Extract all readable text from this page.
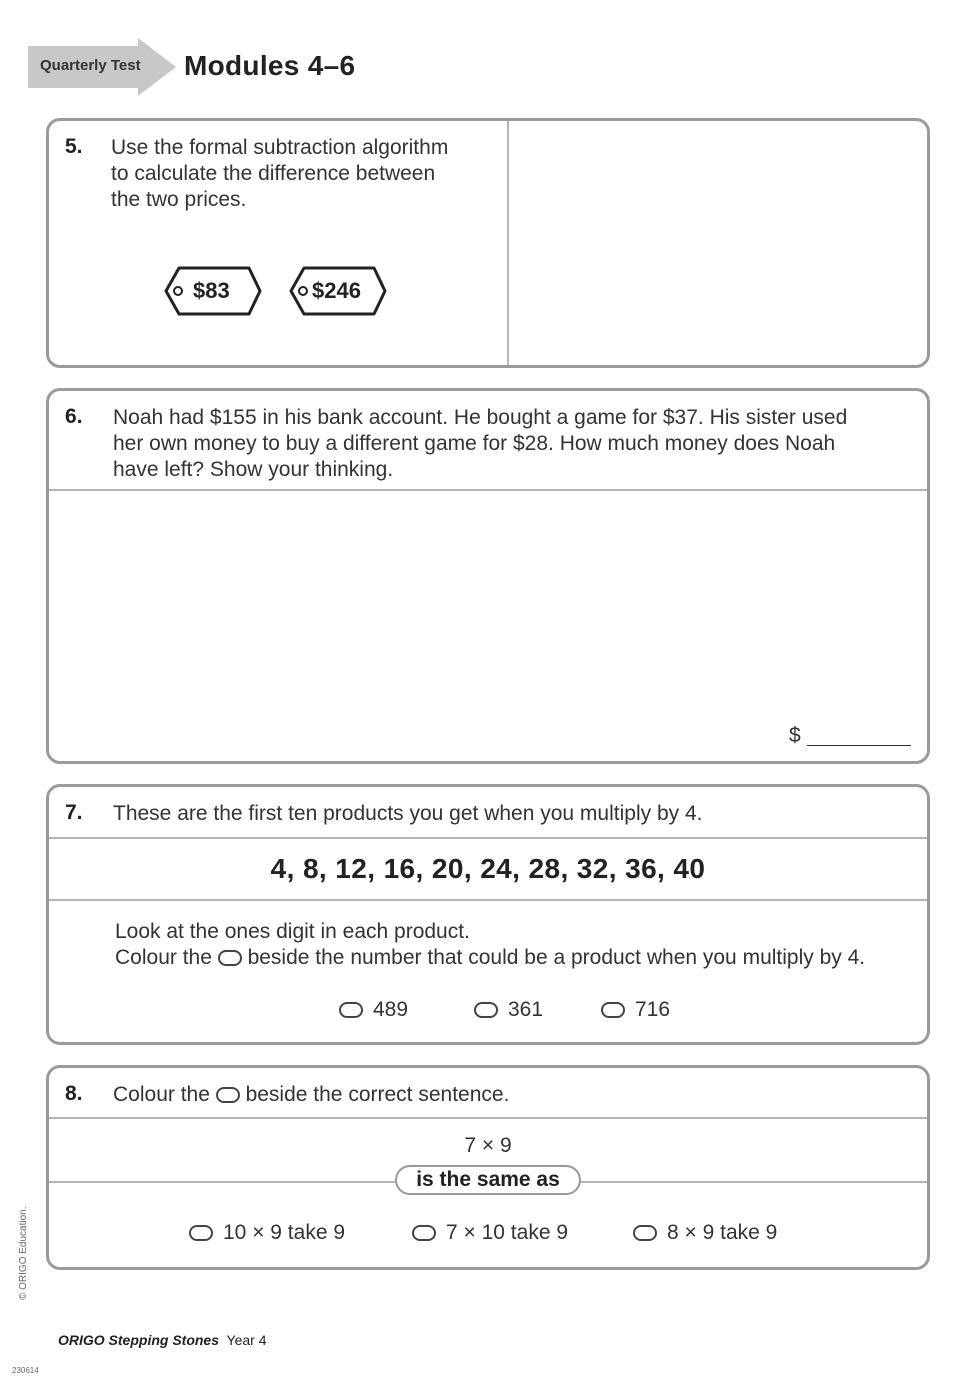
Quarterly Test Modules 4–6
5. Use the formal subtraction algorithm
to calculate the difference between
the two prices.
$83	$246
6. Noah had $155 in his bank account. He bought a game for $37. His sister used
her own money to buy a different game for $28. How much money does Noah
have left? Show your thinking.
$
7. These are the first ten products you get when you multiply by 4.
4, 8, 12, 16, 20, 24, 28, 32, 36, 40
Look at the ones digit in each product.
Colour the beside the number that could be a product when you multiply by 4.
489	361	716
8. Colour the beside the correct sentence.
7 × 9
is the same as
10 × 9 take 9	7 × 10 take 9	8 × 9 take 9
© ORIGO Education.
ORIGO Stepping Stones Year 4
230614
